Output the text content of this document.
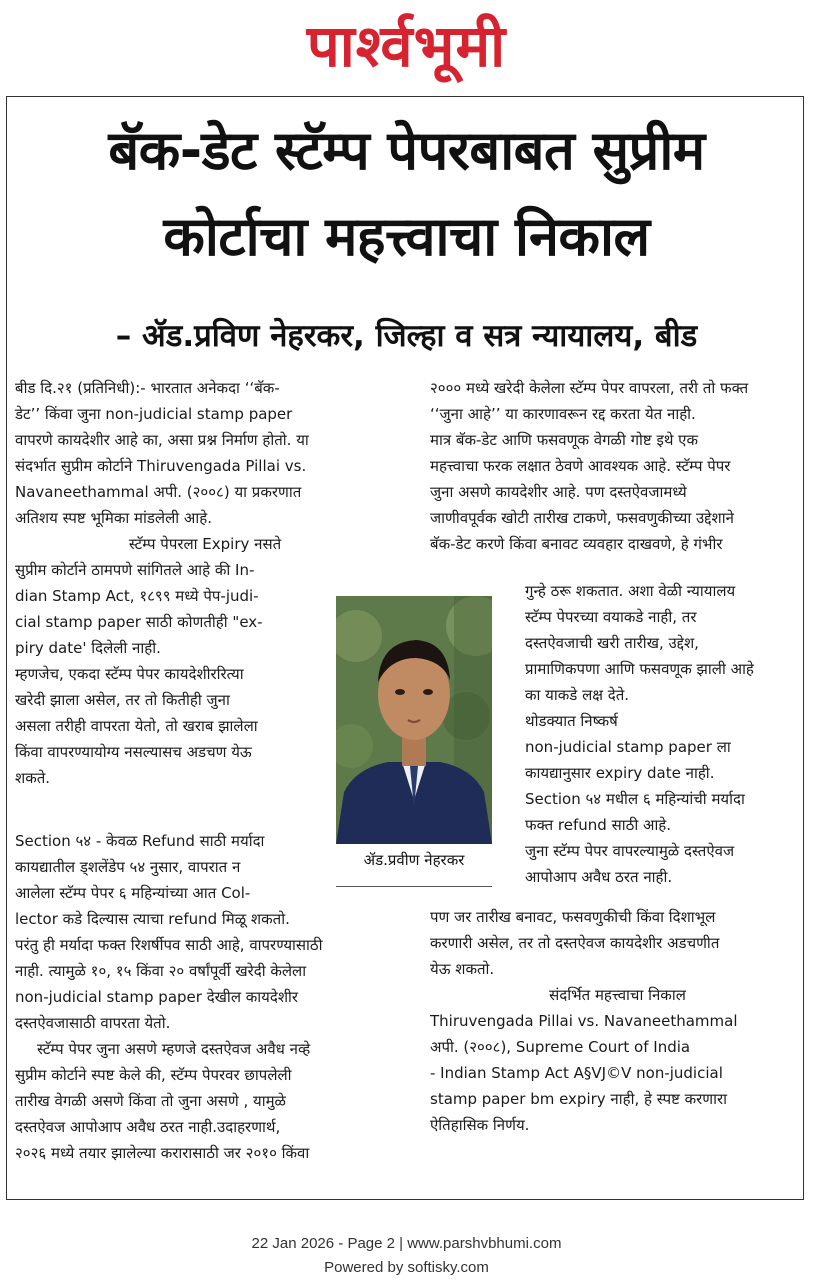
पार्श्वभूमी
बॅक-डेट स्टॅम्प पेपरबाबत सुप्रीम
कोर्टाचा महत्त्वाचा निकाल
– ॲड.प्रविण नेहरकर, जिल्हा व सत्र न्यायालय, बीड

बीड दि.२१ (प्रतिनिधी):- भारतात अनेकदा ‘‘बॅक-

डेट’’ किंवा जुना non-judicial stamp paper

वापरणे कायदेशीर आहे का, असा प्रश्न निर्माण होतो. या

संदर्भात सुप्रीम कोर्टाने Thiruvengada Pillai vs.

Navaneethammal अपी. (२००८) या प्रकरणात

अतिशय स्पष्ट भूमिका मांडलेली आहे.

स्टॅम्प पेपरला Expiry नसते

सुप्रीम कोर्टाने ठामपणे सांगितले आहे की In-

dian Stamp Act, १८९९ मध्ये पेप-judi-

cial stamp paper साठी कोणतीही "ex-

piry date' दिलेली नाही.

म्हणजेच, एकदा स्टॅम्प पेपर कायदेशीररित्या

खरेदी झाला असेल, तर तो कितीही जुना

असला तरीही वापरता येतो, तो खराब झालेला

किंवा वापरण्यायोग्य नसल्यासच अडचण येऊ

शकते.

Section ५४ - केवळ Refund साठी मर्यादा

कायद्यातील ड्शलेंडेप ५४ नुसार, वापरात न

आलेला स्टॅम्प पेपर ६ महिन्यांच्या आत Col-

lector कडे दिल्यास त्याचा refund मिळू शकतो.

परंतु ही मर्यादा फक्त रिशर्षीपव साठी आहे, वापरण्यासाठी

नाही. त्यामुळे १०, १५ किंवा २० वर्षांपूर्वी खरेदी केलेला

non-judicial stamp paper देखील कायदेशीर

दस्तऐवजासाठी वापरता येतो.

स्टॅम्प पेपर जुना असणे म्हणजे दस्तऐवज अवैध नव्हे

सुप्रीम कोर्टाने स्पष्ट केले की, स्टॅम्प पेपरवर छापलेली

तारीख वेगळी असणे किंवा तो जुना असणे , यामुळे

दस्तऐवज आपोआप अवैध ठरत नाही.उदाहरणार्थ,

२०२६ मध्ये तयार झालेल्या करारासाठी जर २०१० किंवा

२००० मध्ये खरेदी केलेला स्टॅम्प पेपर वापरला, तरी तो फक्त

‘‘जुना आहे’’ या कारणावरून रद्द करता येत नाही.

मात्र बॅक-डेट आणि फसवणूक वेगळी गोष्ट इथे एक

महत्त्वाचा फरक लक्षात ठेवणे आवश्यक आहे. स्टॅम्प पेपर

जुना असणे कायदेशीर आहे. पण दस्तऐवजामध्ये

जाणीवपूर्वक खोटी तारीख टाकणे, फसवणुकीच्या उद्देशाने

बॅक-डेट करणे किंवा बनावट व्यवहार दाखवणे, हे गंभीर

गुन्हे ठरू शकतात. अशा वेळी न्यायालय

स्टॅम्प पेपरच्या वयाकडे नाही, तर

दस्तऐवजाची खरी तारीख, उद्देश,

प्रामाणिकपणा आणि फसवणूक झाली आहे

का याकडे लक्ष देते.

थोडक्यात निष्कर्ष

non-judicial stamp paper ला

कायद्यानुसार expiry date नाही.

Section ५४ मधील ६ महिन्यांची मर्यादा

फक्त refund साठी आहे.

जुना स्टॅम्प पेपर वापरल्यामुळे दस्तऐवज

आपोआप अवैध ठरत नाही.

पण जर तारीख बनावट, फसवणुकीची किंवा दिशाभूल

करणारी असेल, तर तो दस्तऐवज कायदेशीर अडचणीत

येऊ शकतो.

संदर्भित महत्त्वाचा निकाल

Thiruvengada Pillai vs. Navaneethammal

अपी. (२००८), Supreme Court of India

- Indian Stamp Act A§VJ©V non-judicial

stamp paper bm expiry नाही, हे स्पष्ट करणारा

ऐतिहासिक निर्णय.

ॲड.प्रवीण नेहरकर
22 Jan 2026 - Page 2 | www.parshvbhumi.com
Powered by softisky.com
